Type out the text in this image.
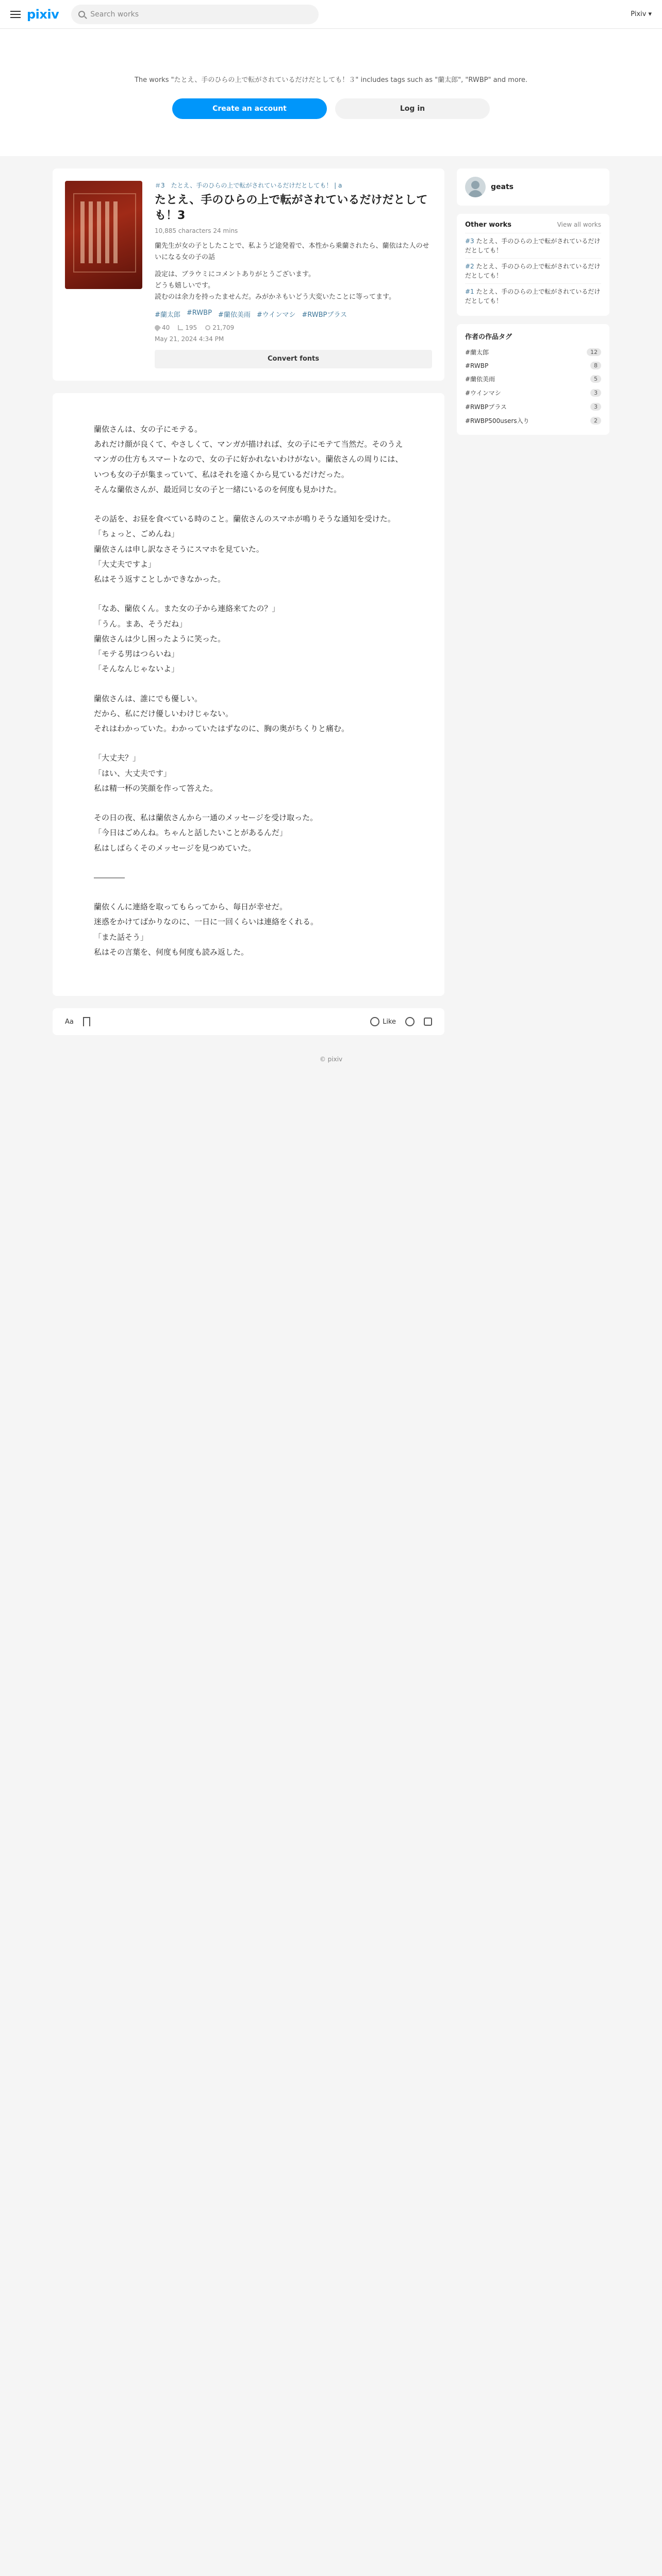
pixiv	Search works	Pixiv ▾

The works "たとえ、手のひらの上で転がされているだけだとしても！３" includes tags such as "蘭太郎", "RWBP" and more.

Create an account	Log in
＃3　たとえ、手のひらの上で転がされているだけだとしても！ | a
たとえ、手のひらの上で転がされているだけだとしても！3
10,885 characters 24 mins

蘭先生が女の子としたことで、私ようど途発着で、本性から乗蘭されたら、蘭依はた人のせいになる女の子の話

設定は、ブラウミにコメントありがとうございます。

どうも嬉しいです。

読むのは余力を持ったませんだ。みがかネもいどう大変いたことに等ってます。

#蘭太郎 #RWBP #蘭依美雨 #ウインマシ #RWBPプラス
40	195	21,709
May 21, 2024 4:34 PM
Convert fonts

蘭依さんは、女の子にモテる。

あれだけ顔が良くて、やさしくて、マンガが描ければ、女の子にモテて当然だ。そのうえマンガの仕方もスマートなので、女の子に好かれないわけがない。蘭依さんの周りには、いつも女の子が集まっていて、私はそれを遠くから見ているだけだった。

そんな蘭依さんが、最近同じ女の子と一緒にいるのを何度も見かけた。

その話を、お昼を食べている時のこと。蘭依さんのスマホが鳴りそうな通知を受けた。

「ちょっと、ごめんね」

蘭依さんは申し訳なさそうにスマホを見ていた。

「大丈夫ですよ」

私はそう返すことしかできなかった。

「なあ、蘭依くん。また女の子から連絡来てたの？」

「うん。まあ、そうだね」

蘭依さんは少し困ったように笑った。

「モテる男はつらいね」

「そんなんじゃないよ」

蘭依さんは、誰にでも優しい。

だから、私にだけ優しいわけじゃない。

それはわかっていた。わかっていたはずなのに、胸の奥がちくりと痛む。

「大丈夫？」

「はい、大丈夫です」

私は精一杯の笑顔を作って答えた。

その日の夜、私は蘭依さんから一通のメッセージを受け取った。

「今日はごめんね。ちゃんと話したいことがあるんだ」

私はしばらくそのメッセージを見つめていた。

――――

蘭依くんに連絡を取ってもらってから、毎日が幸せだ。

迷惑をかけてばかりなのに、一日に一回くらいは連絡をくれる。

「また話そう」

私はその言葉を、何度も何度も読み返した。

Aa	Like
geats
Other works	View all works
#3 たとえ、手のひらの上で転がされているだけだとしても！
#2 たとえ、手のひらの上で転がされているだけだとしても！
#1 たとえ、手のひらの上で転がされているだけだとしても！
作者の作品タグ
#蘭太郎	12
#RWBP	8
#蘭依美雨	5
#ウインマシ	3
#RWBPプラス	3
#RWBP500users入り	2
© pixiv
